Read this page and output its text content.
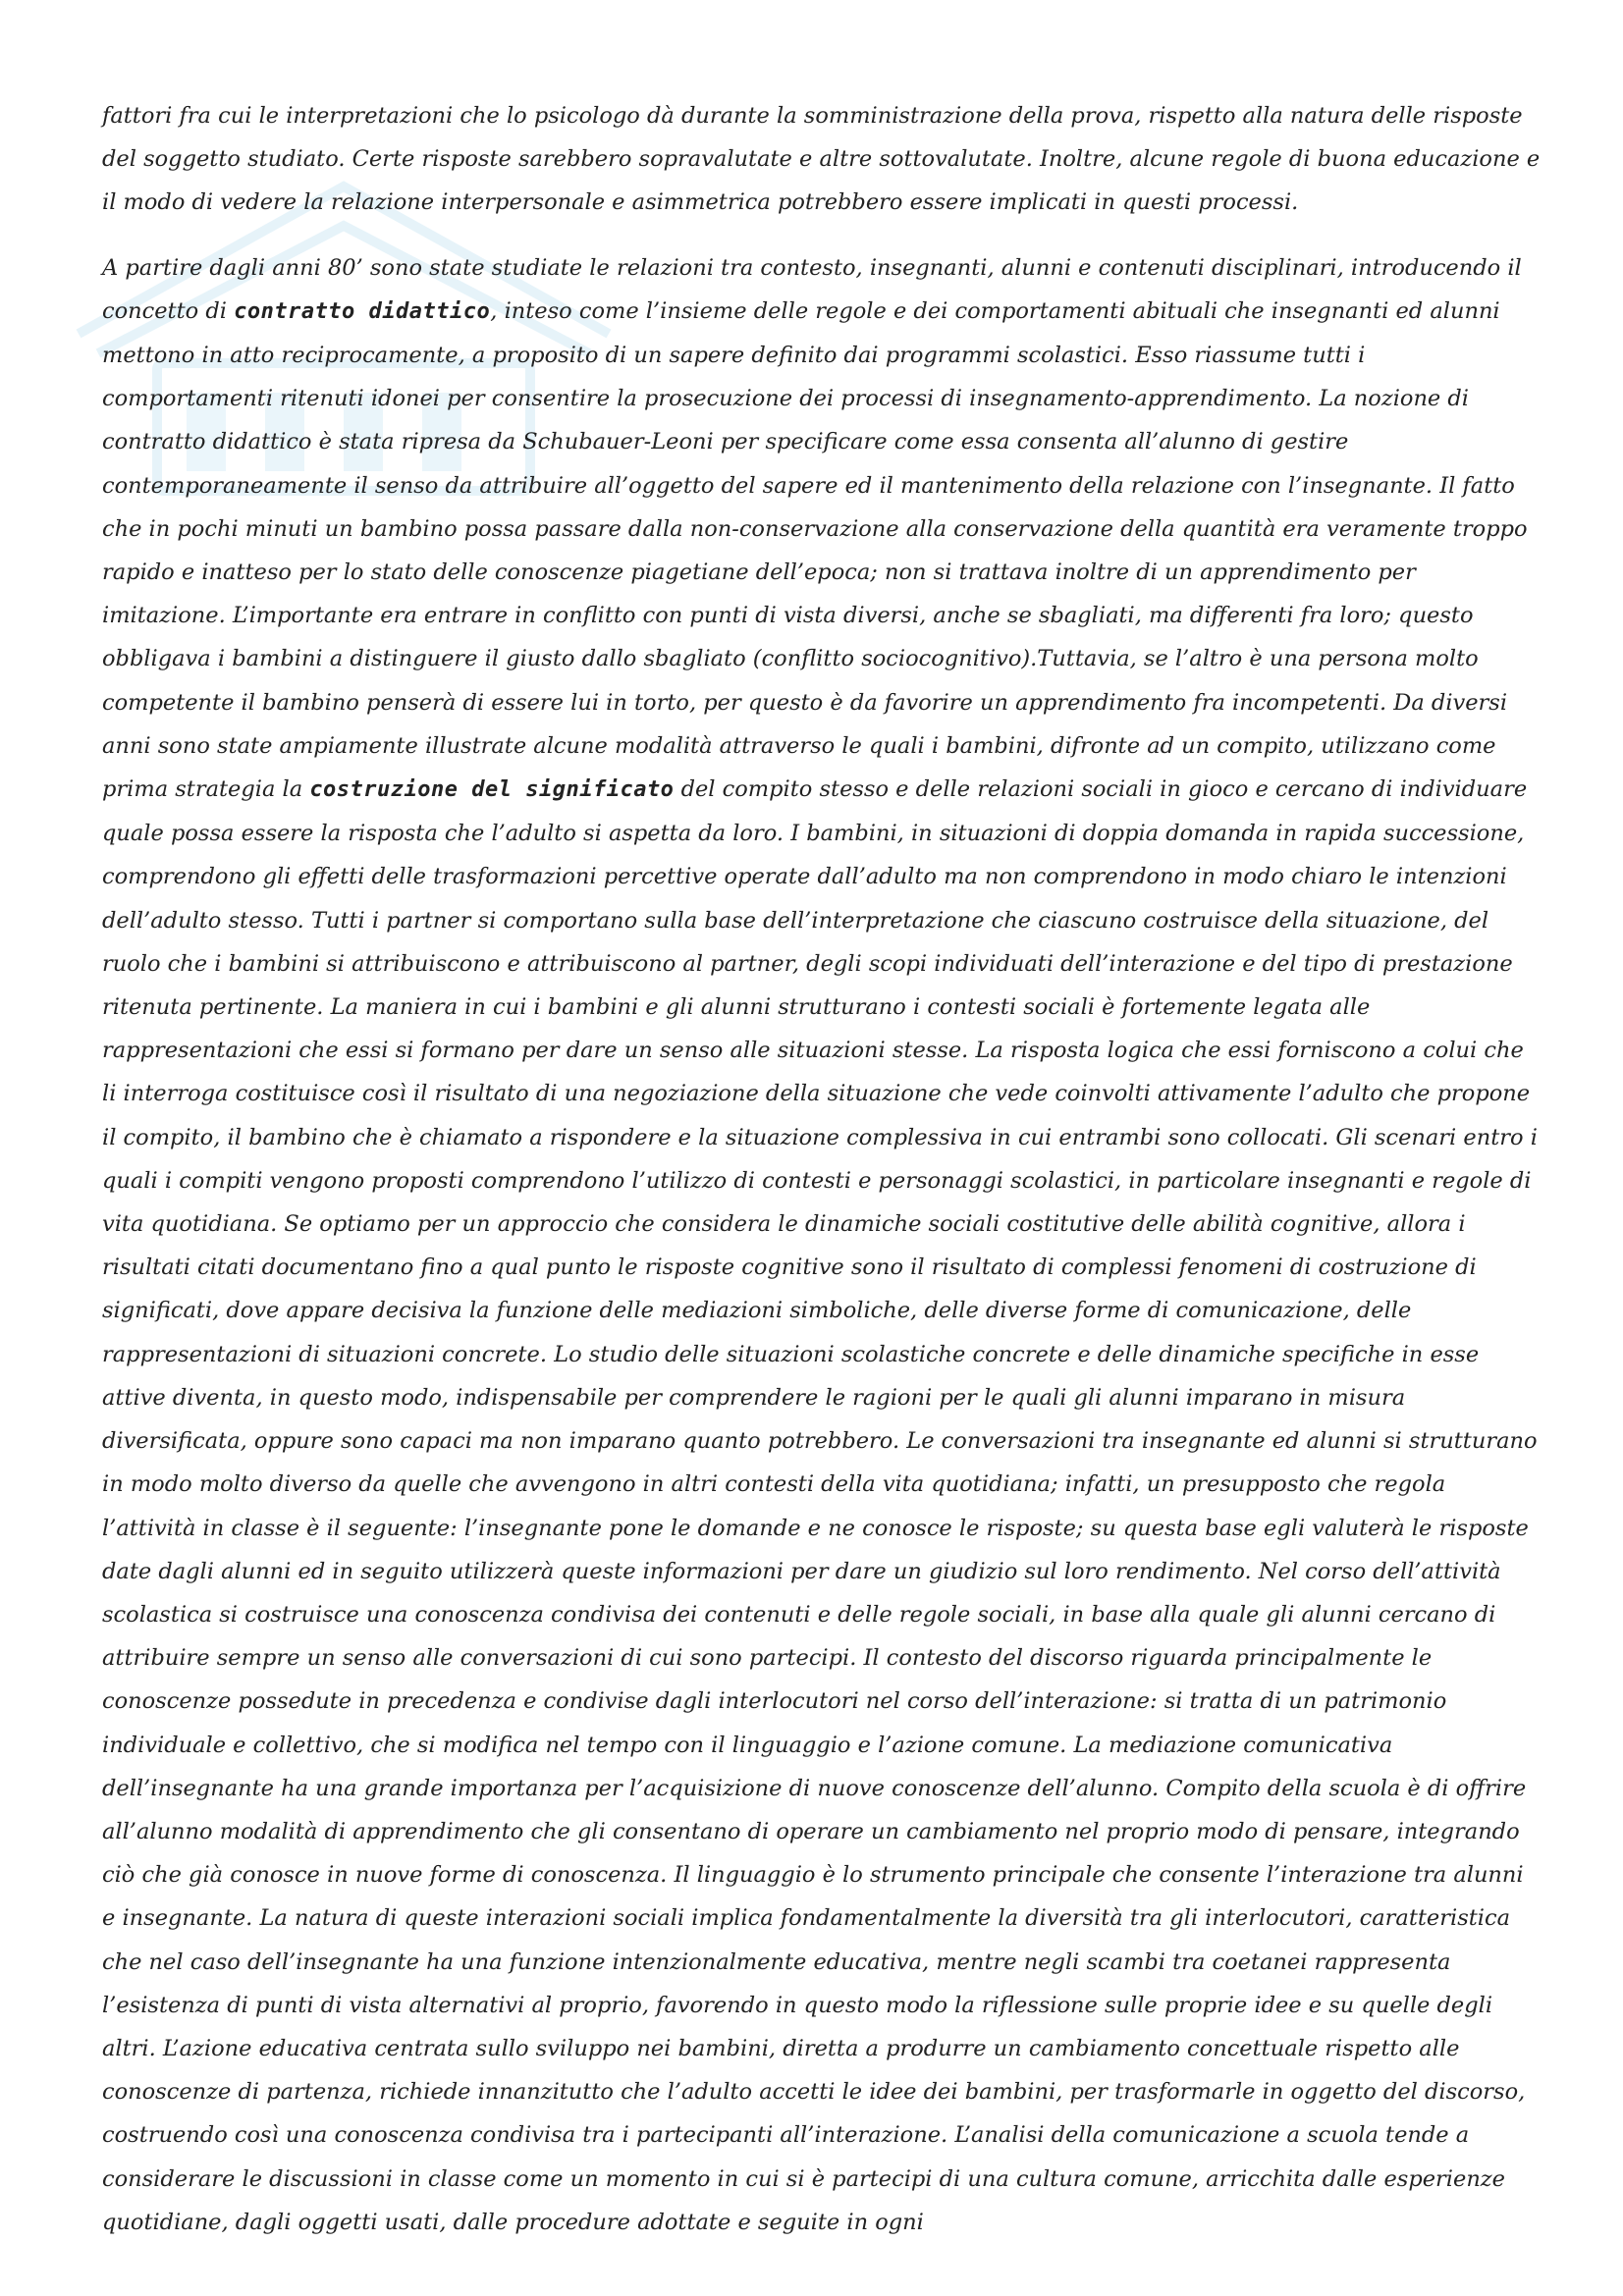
fattori fra cui le interpretazioni che lo psicologo dà durante la somministrazione della prova, rispetto alla natura delle risposte del soggetto studiato. Certe risposte sarebbero sopravalutate e altre sottovalutate. Inoltre, alcune regole di buona educazione e il modo di vedere la relazione interpersonale e asimmetrica potrebbero essere implicati in questi processi.

A partire dagli anni 80’ sono state studiate le relazioni tra contesto, insegnanti, alunni e contenuti disciplinari, introducendo il concetto di contratto didattico, inteso come l’insieme delle regole e dei comportamenti abituali che insegnanti ed alunni mettono in atto reciprocamente, a proposito di un sapere definito dai programmi scolastici. Esso riassume tutti i comportamenti ritenuti idonei per consentire la prosecuzione dei processi di insegnamento-apprendimento. La nozione di contratto didattico è stata ripresa da Schubauer-Leoni per specificare come essa consenta all’alunno di gestire contemporaneamente il senso da attribuire all’oggetto del sapere ed il mantenimento della relazione con l’insegnante. Il fatto che in pochi minuti un bambino possa passare dalla non-conservazione alla conservazione della quantità era veramente troppo rapido e inatteso per lo stato delle conoscenze piagetiane dell’epoca; non si trattava inoltre di un apprendimento per imitazione. L’importante era entrare in conflitto con punti di vista diversi, anche se sbagliati, ma differenti fra loro; questo obbligava i bambini a distinguere il giusto dallo sbagliato (conflitto sociocognitivo).Tuttavia, se l’altro è una persona molto competente il bambino penserà di essere lui in torto, per questo è da favorire un apprendimento fra incompetenti. Da diversi anni sono state ampiamente illustrate alcune modalità attraverso le quali i bambini, difronte ad un compito, utilizzano come prima strategia la costruzione del significato del compito stesso e delle relazioni sociali in gioco e cercano di individuare quale possa essere la risposta che l’adulto si aspetta da loro. I bambini, in situazioni di doppia domanda in rapida successione, comprendono gli effetti delle trasformazioni percettive operate dall’adulto ma non comprendono in modo chiaro le intenzioni dell’adulto stesso. Tutti i partner si comportano sulla base dell’interpretazione che ciascuno costruisce della situazione, del ruolo che i bambini si attribuiscono e attribuiscono al partner, degli scopi individuati dell’interazione e del tipo di prestazione ritenuta pertinente. La maniera in cui i bambini e gli alunni strutturano i contesti sociali è fortemente legata alle rappresentazioni che essi si formano per dare un senso alle situazioni stesse. La risposta logica che essi forniscono a colui che li interroga costituisce così il risultato di una negoziazione della situazione che vede coinvolti attivamente l’adulto che propone il compito, il bambino che è chiamato a rispondere e la situazione complessiva in cui entrambi sono collocati. Gli scenari entro i quali i compiti vengono proposti comprendono l’utilizzo di contesti e personaggi scolastici, in particolare insegnanti e regole di vita quotidiana. Se optiamo per un approccio che considera le dinamiche sociali costitutive delle abilità cognitive, allora i risultati citati documentano fino a qual punto le risposte cognitive sono il risultato di complessi fenomeni di costruzione di significati, dove appare decisiva la funzione delle mediazioni simboliche, delle diverse forme di comunicazione, delle rappresentazioni di situazioni concrete. Lo studio delle situazioni scolastiche concrete e delle dinamiche specifiche in esse attive diventa, in questo modo, indispensabile per comprendere le ragioni per le quali gli alunni imparano in misura diversificata, oppure sono capaci ma non imparano quanto potrebbero. Le conversazioni tra insegnante ed alunni si strutturano in modo molto diverso da quelle che avvengono in altri contesti della vita quotidiana; infatti, un presupposto che regola l’attività in classe è il seguente: l’insegnante pone le domande e ne conosce le risposte; su questa base egli valuterà le risposte date dagli alunni ed in seguito utilizzerà queste informazioni per dare un giudizio sul loro rendimento. Nel corso dell’attività scolastica si costruisce una conoscenza condivisa dei contenuti e delle regole sociali, in base alla quale gli alunni cercano di attribuire sempre un senso alle conversazioni di cui sono partecipi. Il contesto del discorso riguarda principalmente le conoscenze possedute in precedenza e condivise dagli interlocutori nel corso dell’interazione: si tratta di un patrimonio individuale e collettivo, che si modifica nel tempo con il linguaggio e l’azione comune. La mediazione comunicativa dell’insegnante ha una grande importanza per l’acquisizione di nuove conoscenze dell’alunno. Compito della scuola è di offrire all’alunno modalità di apprendimento che gli consentano di operare un cambiamento nel proprio modo di pensare, integrando ciò che già conosce in nuove forme di conoscenza. Il linguaggio è lo strumento principale che consente l’interazione tra alunni e insegnante. La natura di queste interazioni sociali implica fondamentalmente la diversità tra gli interlocutori, caratteristica che nel caso dell’insegnante ha una funzione intenzionalmente educativa, mentre negli scambi tra coetanei rappresenta l’esistenza di punti di vista alternativi al proprio, favorendo in questo modo la riflessione sulle proprie idee e su quelle degli altri. L’azione educativa centrata sullo sviluppo nei bambini, diretta a produrre un cambiamento concettuale rispetto alle conoscenze di partenza, richiede innanzitutto che l’adulto accetti le idee dei bambini, per trasformarle in oggetto del discorso, costruendo così una conoscenza condivisa tra i partecipanti all’interazione. L’analisi della comunicazione a scuola tende a considerare le discussioni in classe come un momento in cui si è partecipi di una cultura comune, arricchita dalle esperienze quotidiane, dagli oggetti usati, dalle procedure adottate e seguite in ogni
